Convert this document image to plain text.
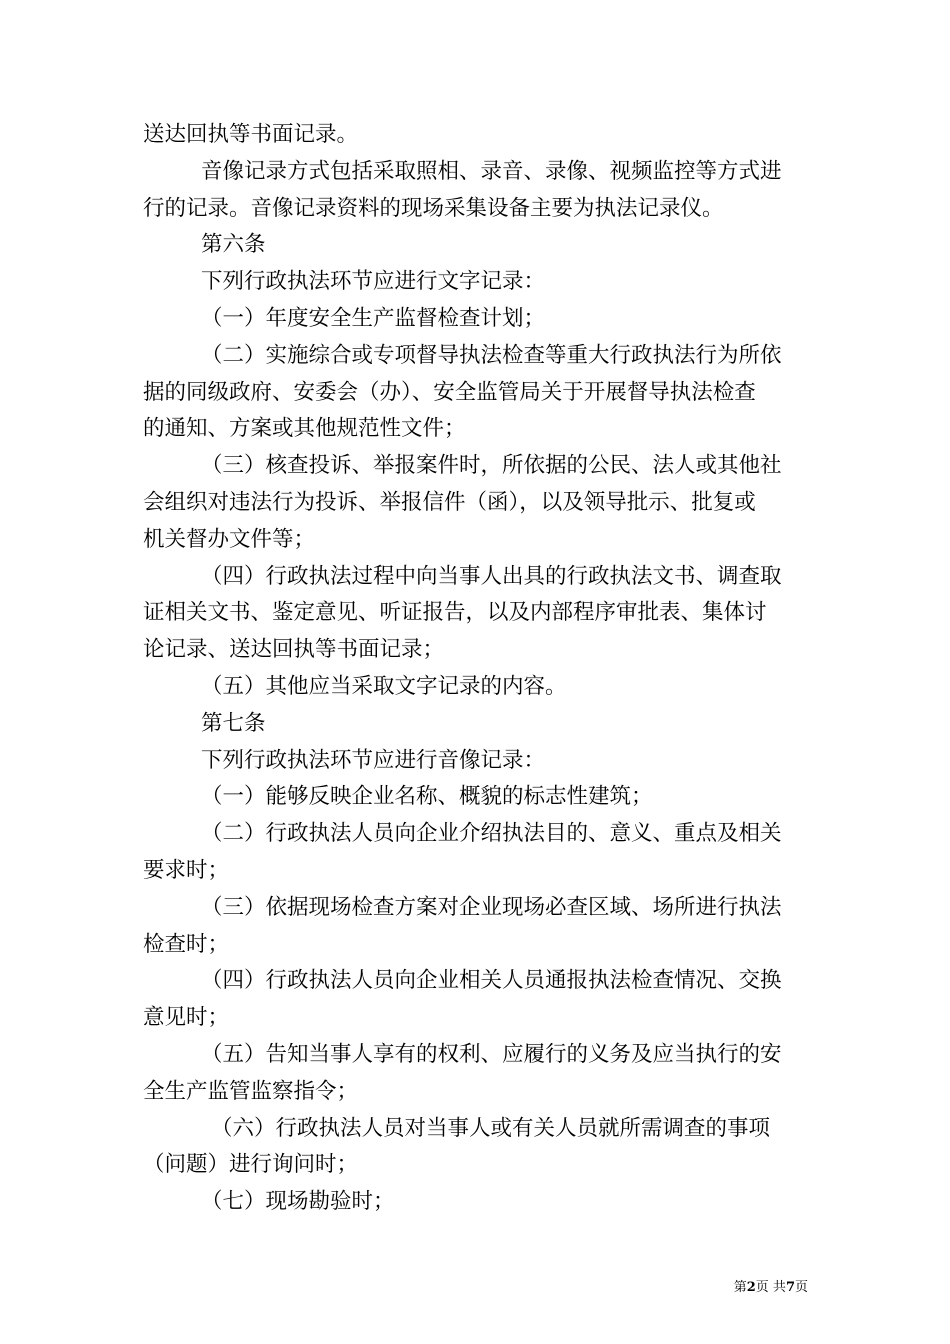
送达回执等书面记录。
音像记录方式包括采取照相、录音、录像、视频监控等方式进
行的记录。音像记录资料的现场采集设备主要为执法记录仪。
第六条
下列行政执法环节应进行文字记录：
（一）年度安全生产监督检查计划；
（二）实施综合或专项督导执法检查等重大行政执法行为所依
据的同级政府、安委会（办）、安全监管局关于开展督导执法检查
的通知、方案或其他规范性文件；
（三）核查投诉、举报案件时，所依据的公民、法人或其他社
会组织对违法行为投诉、举报信件（函），以及领导批示、批复或
机关督办文件等；
（四）行政执法过程中向当事人出具的行政执法文书、调查取
证相关文书、鉴定意见、听证报告，以及内部程序审批表、集体讨
论记录、送达回执等书面记录；
（五）其他应当采取文字记录的内容。
第七条
下列行政执法环节应进行音像记录：
（一）能够反映企业名称、概貌的标志性建筑；
（二）行政执法人员向企业介绍执法目的、意义、重点及相关
要求时；
（三）依据现场检查方案对企业现场必查区域、场所进行执法
检查时；
（四）行政执法人员向企业相关人员通报执法检查情况、交换
意见时；
（五）告知当事人享有的权利、应履行的义务及应当执行的安
全生产监管监察指令；
（六）行政执法人员对当事人或有关人员就所需调查的事项
（问题）进行询问时；
（七）现场勘验时；
第2页 共7页
